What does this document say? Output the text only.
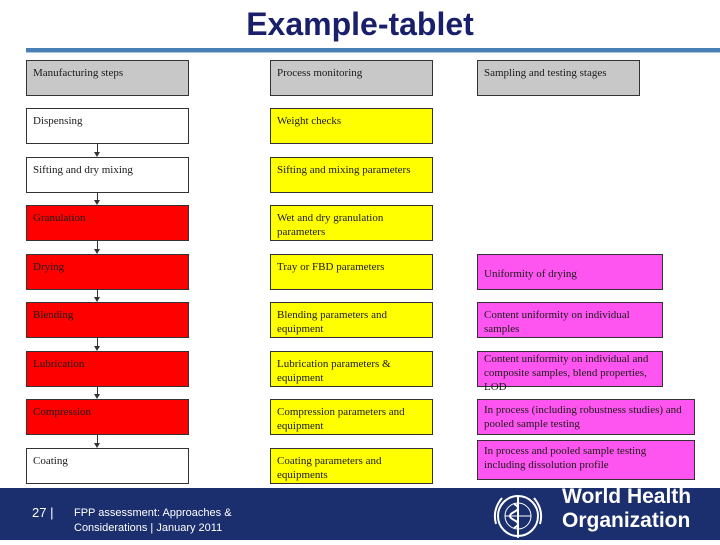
Example-tablet
Manufacturing steps	Process monitoring	Sampling and testing stages
Dispensing
Sifting and dry mixing
Granulation
Drying
Blending
Lubrication
Compression
Coating
Weight checks
Sifting and mixing parameters
Wet and dry granulation parameters
Tray or FBD parameters
Blending parameters and equipment
Lubrication parameters & equipment
Compression parameters and equipment
Coating parameters and equipments
Uniformity of drying
Content uniformity on individual samples
Content uniformity on individual and composite samples, blend properties, LOD
In process (including robustness studies) and pooled sample testing
In process and pooled sample testing including dissolution profile
27 | FPP assessment: Approaches & Considerations | January 2011
World Health
Organization
